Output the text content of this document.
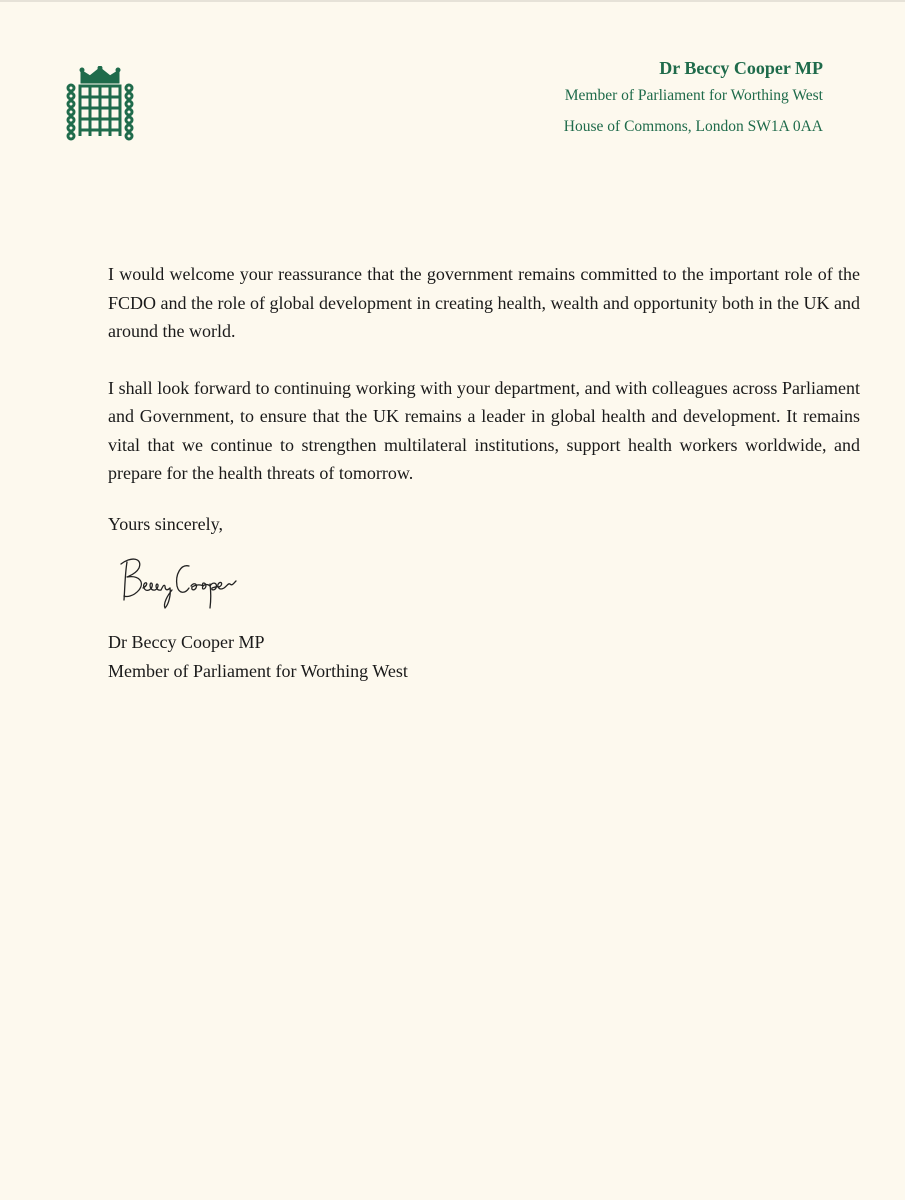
Dr Beccy Cooper MP
Member of Parliament for Worthing West
House of Commons, London SW1A 0AA

I would welcome your reassurance that the government remains committed to the important role of the FCDO and the role of global development in creating health, wealth and opportunity both in the UK and around the world.

I shall look forward to continuing working with your department, and with colleagues across Parliament and Government, to ensure that the UK remains a leader in global health and development. It remains vital that we continue to strengthen multilateral institutions, support health workers worldwide, and prepare for the health threats of tomorrow.

Yours sincerely,
Dr Beccy Cooper MP
Member of Parliament for Worthing West
